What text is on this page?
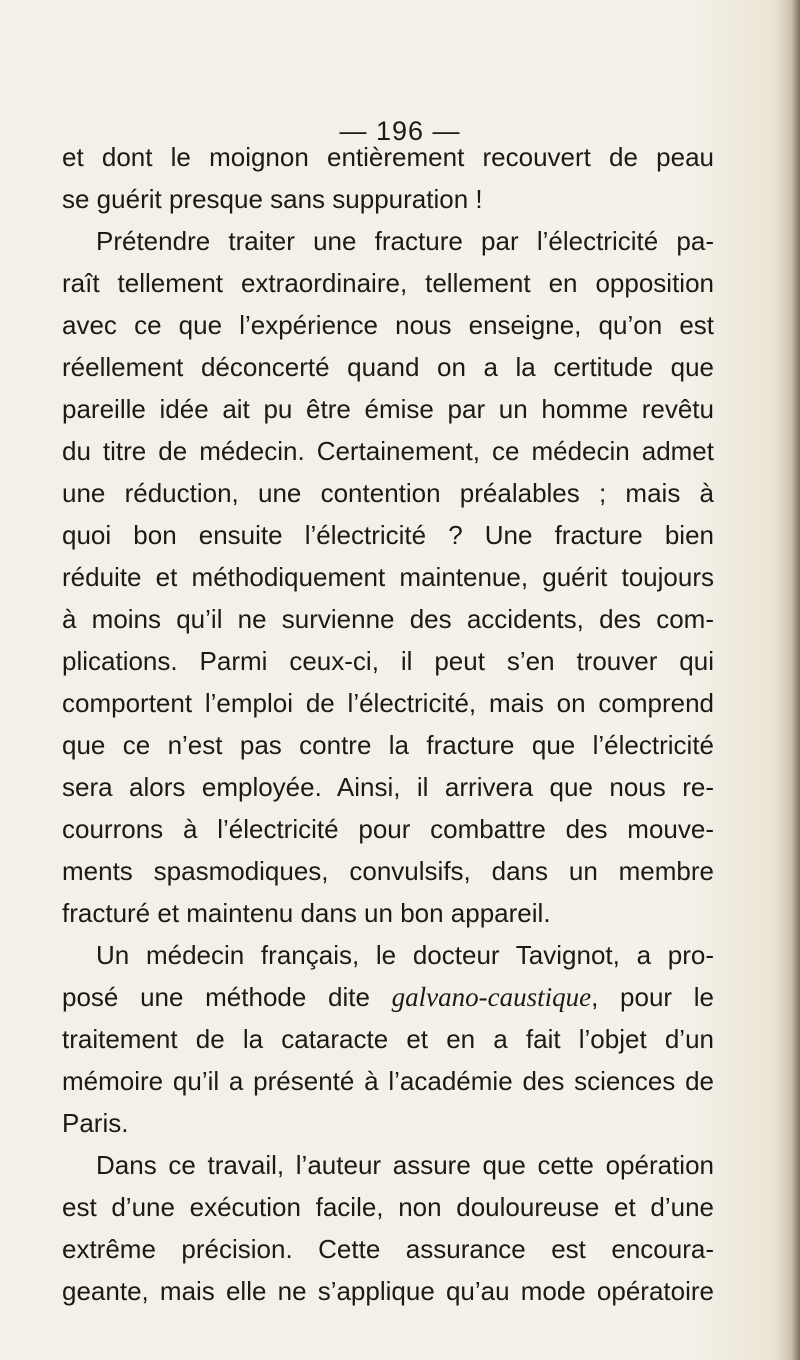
— 196 —
et dont le moignon entièrement recouvert de peau
se guérit presque sans suppuration !
Prétendre traiter une fracture par l’électricité pa-
raît tellement extraordinaire, tellement en opposition
avec ce que l’expérience nous enseigne, qu’on est
réellement déconcerté quand on a la certitude que
pareille idée ait pu être émise par un homme revêtu
du titre de médecin. Certainement, ce médecin admet
une réduction, une contention préalables ; mais à
quoi bon ensuite l’électricité ? Une fracture bien
réduite et méthodiquement maintenue, guérit toujours
à moins qu’il ne survienne des accidents, des com-
plications. Parmi ceux-ci, il peut s’en trouver qui
comportent l’emploi de l’électricité, mais on comprend
que ce n’est pas contre la fracture que l’électricité
sera alors employée. Ainsi, il arrivera que nous re-
courrons à l’électricité pour combattre des mouve-
ments spasmodiques, convulsifs, dans un membre
fracturé et maintenu dans un bon appareil.
Un médecin français, le docteur Tavignot, a pro-
posé une méthode dite galvano-caustique, pour le
traitement de la cataracte et en a fait l’objet d’un
mémoire qu’il a présenté à l’académie des sciences de
Paris.
Dans ce travail, l’auteur assure que cette opération
est d’une exécution facile, non douloureuse et d’une
extrême précision. Cette assurance est encoura-
geante, mais elle ne s’applique qu’au mode opératoire
